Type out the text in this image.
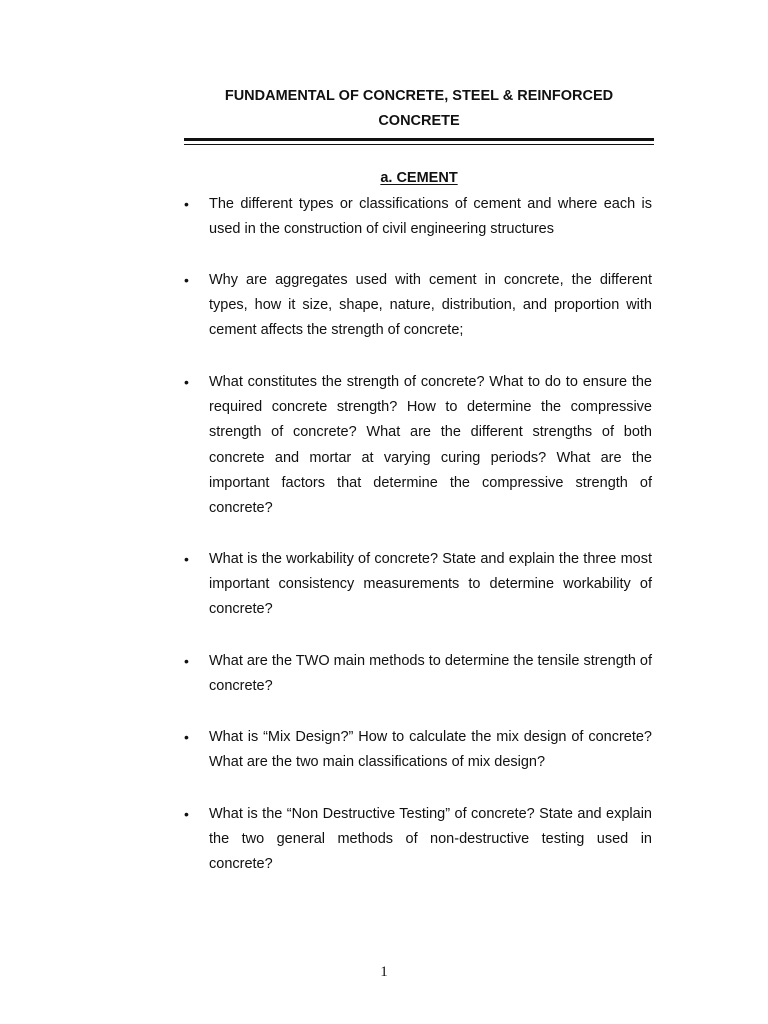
FUNDAMENTAL OF CONCRETE, STEEL & REINFORCED
CONCRETE
a. CEMENT
•	The different types or classifications of cement and where each is used in the construction of civil engineering structures
•	Why are aggregates used with cement in concrete, the different types, how it size, shape, nature, distribution, and proportion with cement affects the strength of concrete;
•	What constitutes the strength of concrete? What to do to ensure the required concrete strength? How to determine the compressive strength of concrete? What are the different strengths of both concrete and mortar at varying curing periods? What are the important factors that determine the compressive strength of concrete?
•	What is the workability of concrete? State and explain the three most important consistency measurements to determine workability of concrete?
•	What are the TWO main methods to determine the tensile strength of concrete?
•	What is “Mix Design?” How to calculate the mix design of concrete? What are the two main classifications of mix design?
•	What is the “Non Destructive Testing” of concrete? State and explain the two general methods of non-destructive testing used in concrete?
1
